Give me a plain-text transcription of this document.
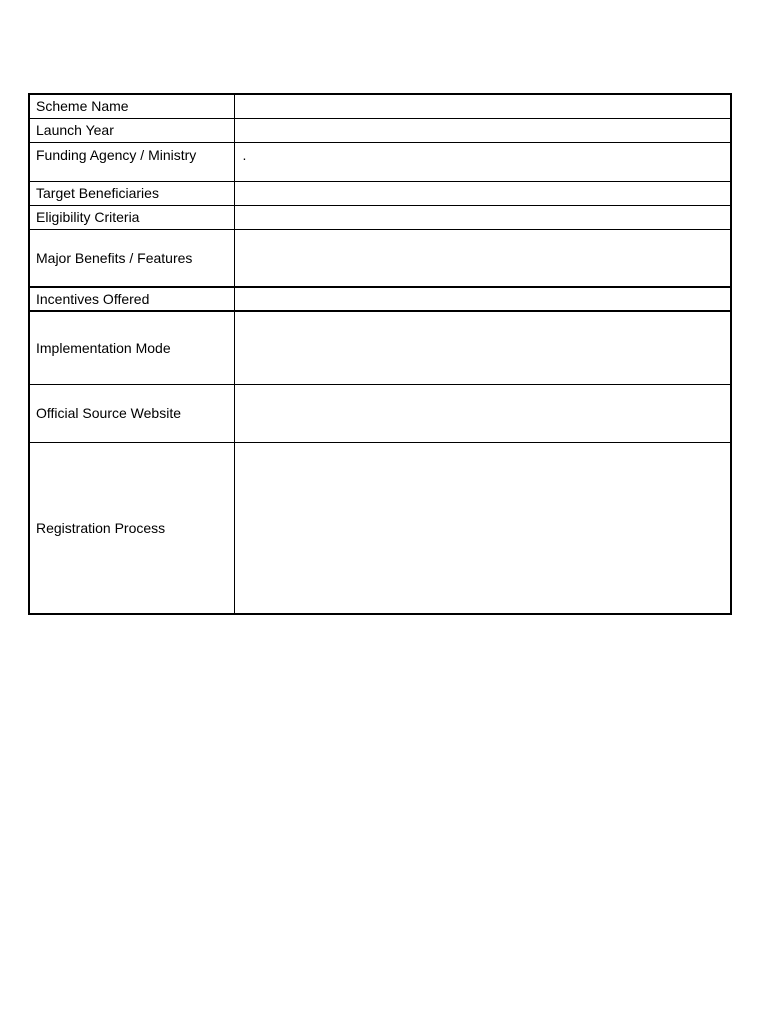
Scheme Name	
Launch Year	
Funding Agency / Ministry	.
Target Beneficiaries	
Eligibility Criteria	
Major Benefits / Features	
Incentives Offered	
Implementation Mode	
Official Source Website	
Registration Process	
